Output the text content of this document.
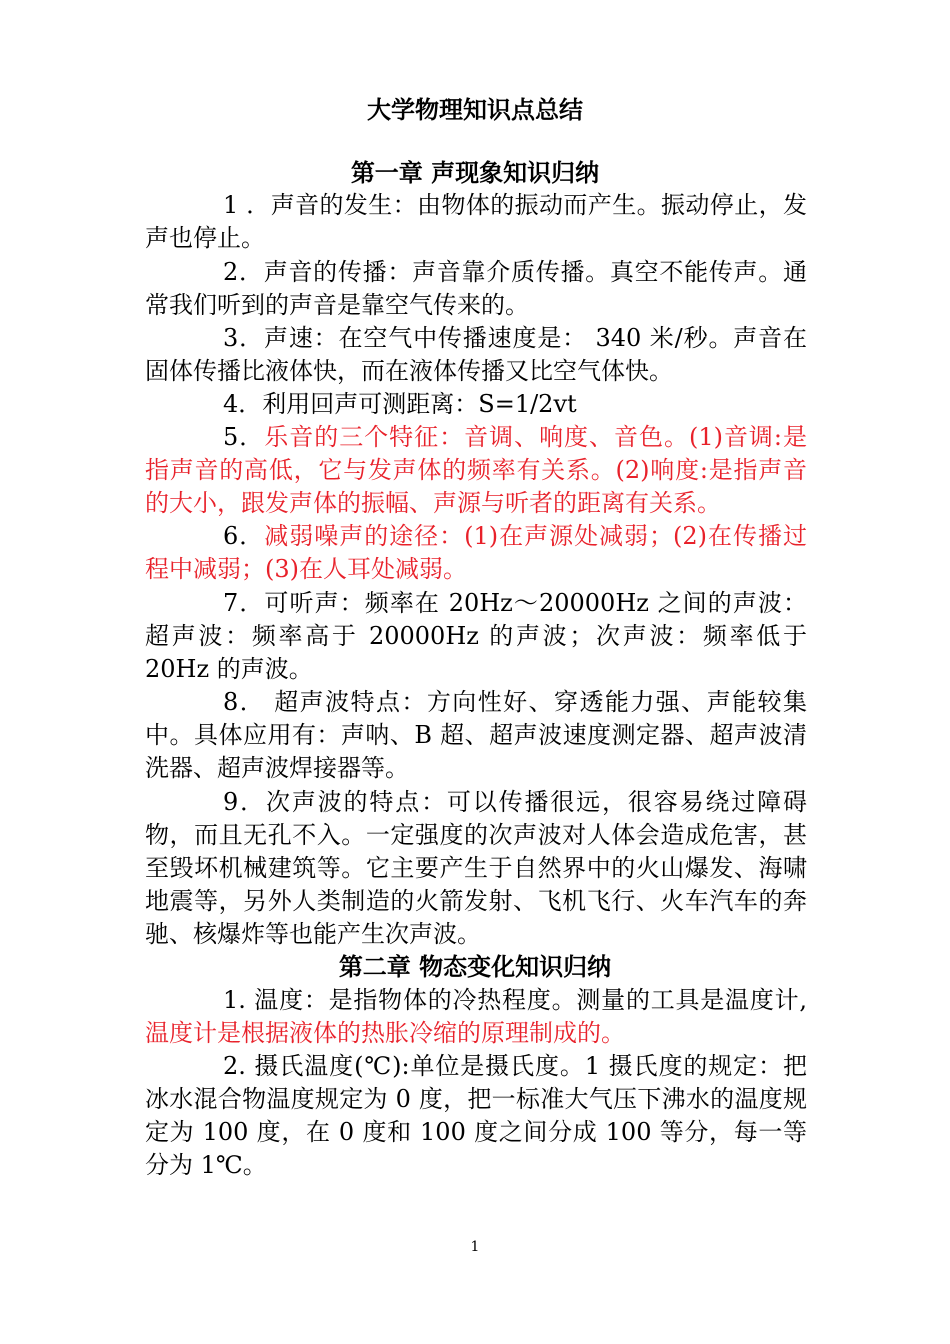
大学物理知识点总结
第一章 声现象知识归纳
1 ．声音的发生：由物体的振动而产生。振动停止，发声也停止。
2．声音的传播：声音靠介质传播。真空不能传声。通常我们听到的声音是靠空气传来的。
3．声速：在空气中传播速度是： 340 米/秒。声音在固体传播比液体快，而在液体传播又比空气体快。
4．利用回声可测距离：S=1/2vt
5．乐音的三个特征：音调、响度、音色。(1)音调:是指声音的高低，它与发声体的频率有关系。(2)响度:是指声音的大小，跟发声体的振幅、声源与听者的距离有关系。
6．减弱噪声的途径：(1)在声源处减弱；(2)在传播过程中减弱；(3)在人耳处减弱。
7．可听声：频率在 20Hz～20000Hz 之间的声波：超声波：频率高于 20000Hz 的声波；次声波：频率低于 20Hz 的声波。
8． 超声波特点：方向性好、穿透能力强、声能较集中。具体应用有：声呐、B 超、超声波速度测定器、超声波清洗器、超声波焊接器等。
9．次声波的特点：可以传播很远，很容易绕过障碍物，而且无孔不入。一定强度的次声波对人体会造成危害，甚至毁坏机械建筑等。它主要产生于自然界中的火山爆发、海啸地震等，另外人类制造的火箭发射、飞机飞行、火车汽车的奔驰、核爆炸等也能产生次声波。
第二章 物态变化知识归纳
1. 温度：是指物体的冷热程度。测量的工具是温度计,温度计是根据液体的热胀冷缩的原理制成的。
2. 摄氏温度(℃):单位是摄氏度。1 摄氏度的规定：把冰水混合物温度规定为 0 度，把一标准大气压下沸水的温度规定为 100 度，在 0 度和 100 度之间分成 100 等分，每一等分为 1℃。
1
